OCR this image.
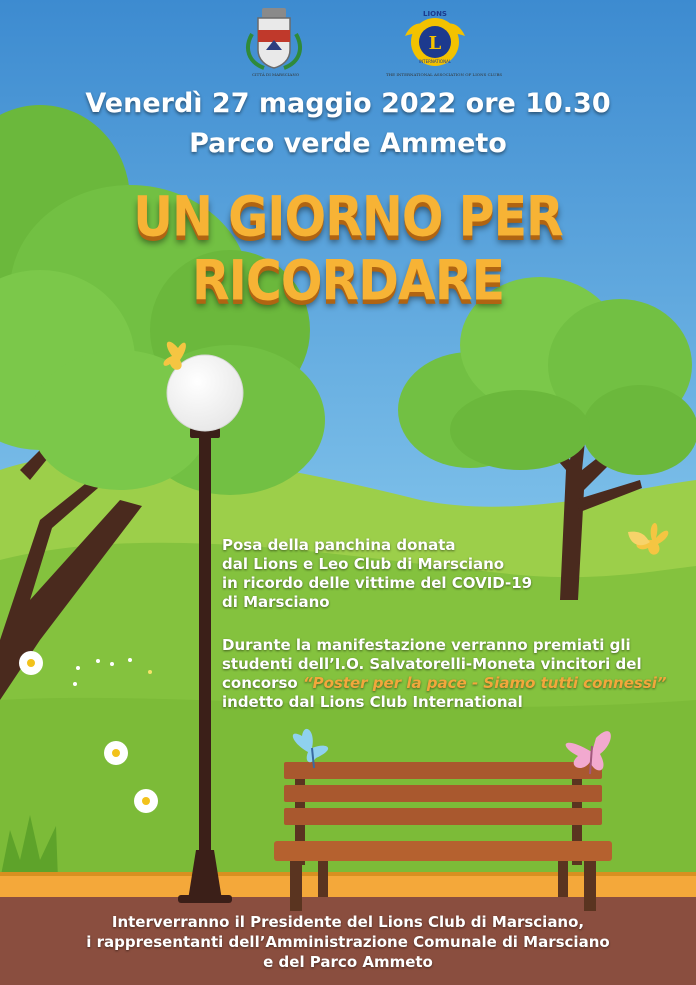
LIONS
L
INTERNATIONAL
CITTÀ DI MARSCIANO	THE INTERNATIONAL ASSOCIATION OF LIONS CLUBS

Venerdì 27 maggio 2022 ore 10.30

Parco verde Ammeto

UN GIORNO PER RICORDARE
Posa della panchina donata
dal Lions e Leo Club di Marsciano
in ricordo delle vittime del COVID-19
di Marsciano
Durante la manifestazione verranno premiati gli
studenti dell’I.O. Salvatorelli-Moneta vincitori del
concorso “Poster per la pace - Siamo tutti connessi”
indetto dal Lions Club International
Interverranno il Presidente del Lions Club di Marsciano,
i rappresentanti dell’Amministrazione Comunale di Marsciano
e del Parco Ammeto
